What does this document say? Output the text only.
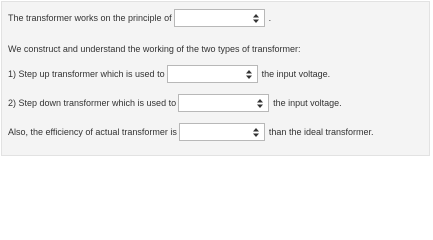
The transformer works on the principle of	.
We construct and understand the working of the two types of transformer:
1) Step up transformer which is used to	the input voltage.
2) Step down transformer which is used to	the input voltage.
Also, the efficiency of actual transformer is	than the ideal transformer.
